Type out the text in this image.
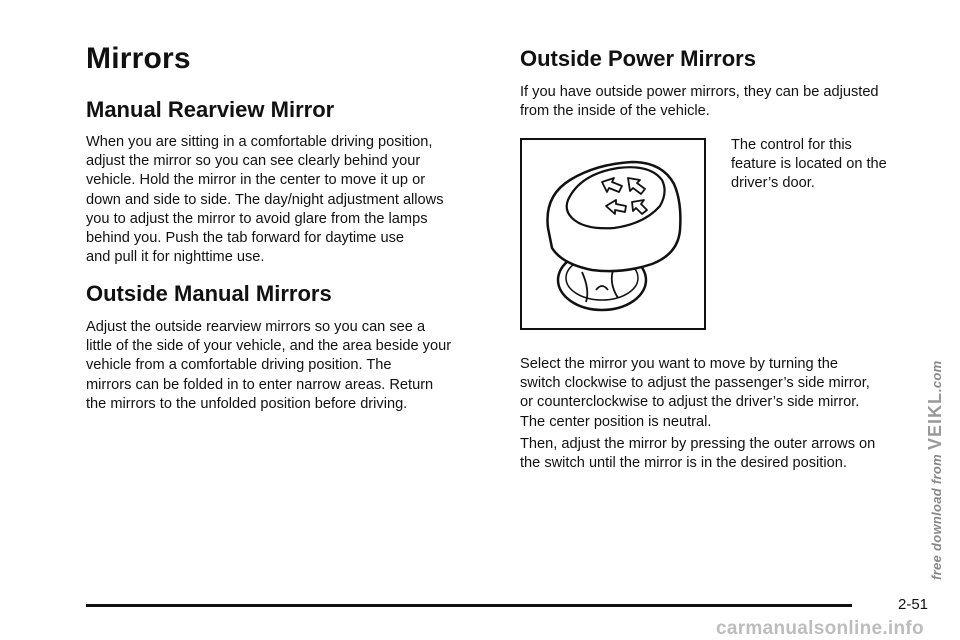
Mirrors
Manual Rearview Mirror

When you are sitting in a comfortable driving position,
adjust the mirror so you can see clearly behind your
vehicle. Hold the mirror in the center to move it up or
down and side to side. The day/night adjustment allows
you to adjust the mirror to avoid glare from the lamps
behind you. Push the tab forward for daytime use
and pull it for nighttime use.

Outside Manual Mirrors

Adjust the outside rearview mirrors so you can see a
little of the side of your vehicle, and the area beside your
vehicle from a comfortable driving position. The
mirrors can be folded in to enter narrow areas. Return
the mirrors to the unfolded position before driving.

Outside Power Mirrors

If you have outside power mirrors, they can be adjusted
from the inside of the vehicle.

The control for this
feature is located on the
driver’s door.

Select the mirror you want to move by turning the
switch clockwise to adjust the passenger’s side mirror,
or counterclockwise to adjust the driver’s side mirror.
The center position is neutral.

Then, adjust the mirror by pressing the outer arrows on
the switch until the mirror is in the desired position.	free download from VEIKL.com
2-51
carmanualsonline.info
